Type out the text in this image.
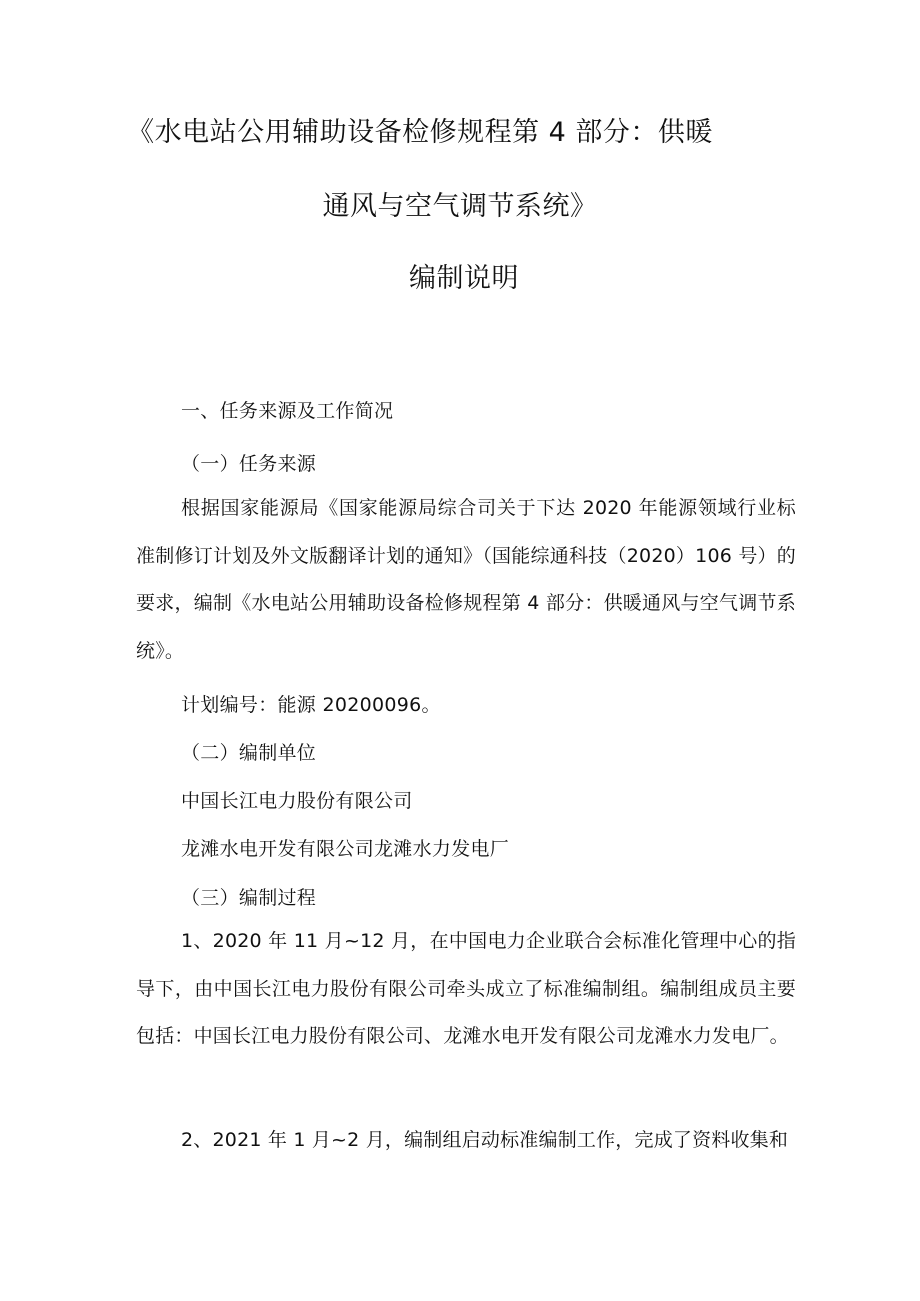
《水电站公用辅助设备检修规程第 4 部分：供暖
通风与空气调节系统》
编制说明
一、任务来源及工作简况
（一）任务来源
根据国家能源局《国家能源局综合司关于下达 2020 年能源领域行业标准制修订计划及外文版翻译计划的通知》（国能综通科技（2020）106 号）的要求，编制《水电站公用辅助设备检修规程第 4 部分：供暖通风与空气调节系统》。
计划编号：能源 20200096。
（二）编制单位
中国长江电力股份有限公司
龙滩水电开发有限公司龙滩水力发电厂
（三）编制过程
1、2020 年 11 月~12 月，在中国电力企业联合会标准化管理中心的指导下，由中国长江电力股份有限公司牵头成立了标准编制组。编制组成员主要包括：中国长江电力股份有限公司、龙滩水电开发有限公司龙滩水力发电厂。
2、2021 年 1 月~2 月，编制组启动标准编制工作，完成了资料收集和
